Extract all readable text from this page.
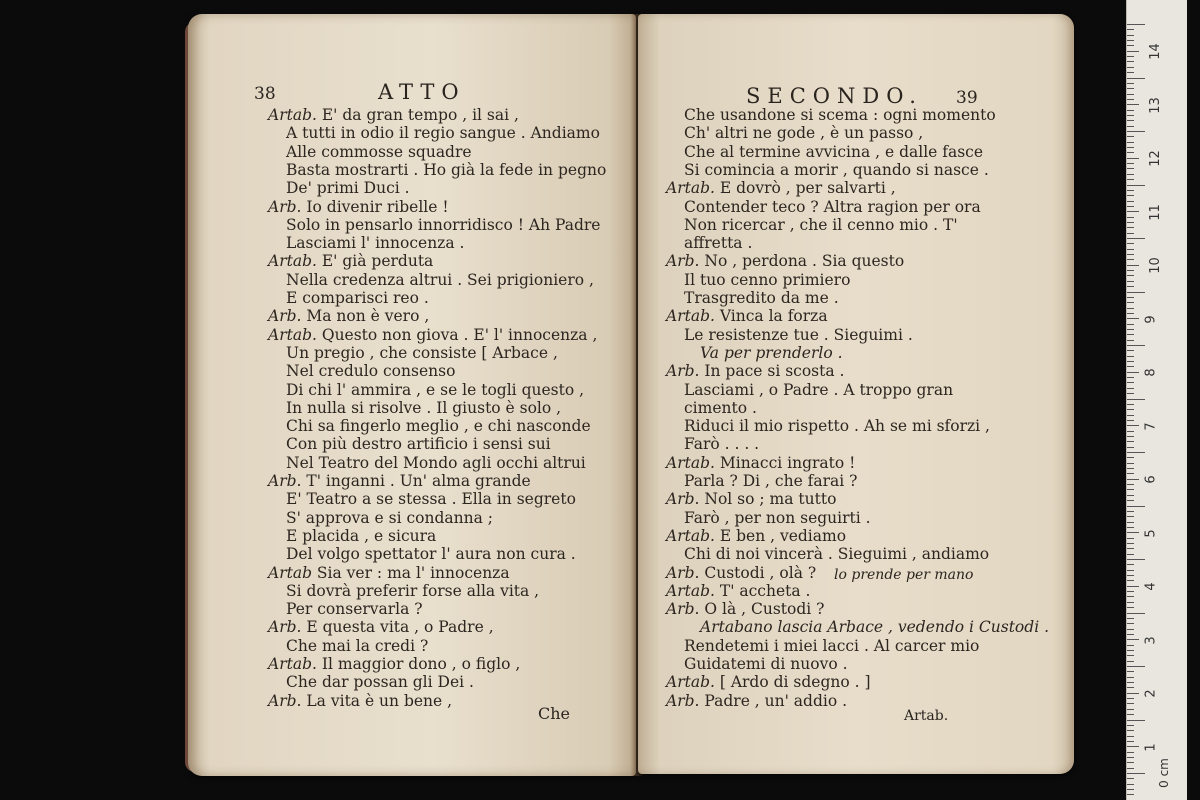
38	ATTO
Artab. E' da gran tempo , il sai ,
A tutti in odio il regio sangue . Andiamo
Alle commosse squadre
Basta mostrarti . Ho già la fede in pegno
De' primi Duci .
Arb. Io divenir ribelle !
Solo in pensarlo innorridisco ! Ah Padre
Lasciami l' innocenza .
Artab. E' già perduta
Nella credenza altrui . Sei prigioniero ,
E comparisci reo .
Arb. Ma non è vero ,
Artab. Questo non giova . E' l' innocenza ,
Un pregio , che consiste [ Arbace ,
Nel credulo consenso
Di chi l' ammira , e se le togli questo ,
In nulla si risolve . Il giusto è solo ,
Chi sa fingerlo meglio , e chi nasconde
Con più destro artificio i sensi sui
Nel Teatro del Mondo agli occhi altrui
Arb. T' inganni . Un' alma grande
E' Teatro a se stessa . Ella in segreto
S' approva e si condanna ;
E placida , e sicura
Del volgo spettator l' aura non cura .
Artab Sia ver : ma l' innocenza
Si dovrà preferir forse alla vita ,
Per conservarla ?
Arb. E questa vita , o Padre ,
Che mai la credi ?
Artab. Il maggior dono , o figlo ,
Che dar possan gli Dei .
Arb. La vita è un bene ,
Che
SECONDO. 39
Che usandone si scema : ogni momento
Ch' altri ne gode , è un passo ,
Che al termine avvicina , e dalle fasce
Si comincia a morir , quando si nasce .
Artab. E dovrò , per salvarti ,
Contender teco ? Altra ragion per ora
Non ricercar , che il cenno mio . T'
affretta .
Arb. No , perdona . Sia questo
Il tuo cenno primiero
Trasgredito da me .
Artab. Vinca la forza
Le resistenze tue . Sieguimi .
Va per prenderlo .
Arb. In pace si scosta .
Lasciami , o Padre . A troppo gran
cimento .
Riduci il mio rispetto . Ah se mi sforzi ,
Farò . . . .
Artab. Minacci ingrato !
Parla ? Di , che farai ?
Arb. Nol so ; ma tutto
Farò , per non seguirti .
Artab. E ben , vediamo
Chi di noi vincerà . Sieguimi , andiamo
Arb. Custodi , olà ?
Artab. T' accheta .
Arb. O là , Custodi ?
Artabano lascia Arbace , vedendo i Custodi .
Rendetemi i miei lacci . Al carcer mio
Guidatemi di nuovo .
Artab. [ Ardo di sdegno . ]
Arb. Padre , un' addio .
lo prende per mano
Artab.
14
13
12
11
10
9
8
7
6
5
4
3
2
1
0 cm
